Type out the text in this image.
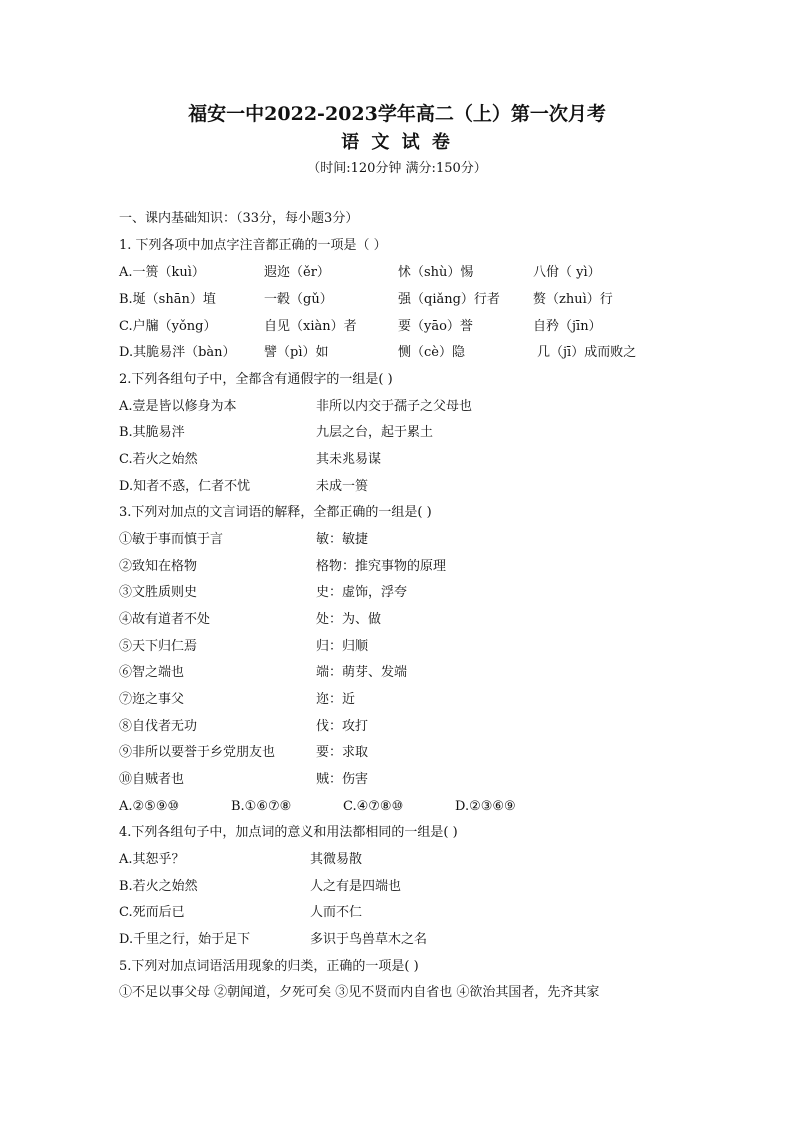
福安一中2022-2023学年高二（上）第一次月考
语 文 试 卷
（时间:120分钟 满分:150分）
一、课内基础知识：（33分，每小题3分）
1. 下列各项中加点字注音都正确的一项是（ ）
A.一篑（kuì）	遐迩（ěr）	怵（shù）惕	八佾（ yì）
B.埏（shān）埴	一毂（gǔ）	强（qiǎng）行者	赘（zhuì）行
C.户牖（yǒng）	自见（xiàn）者	要（yāo）誉	自矜（jīn）
D.其脆易泮（bàn） 譬（pì）如	恻（cè）隐	几（jī）成而败之
2.下列各组句子中，全都含有通假字的一组是( )
A.壹是皆以修身为本	非所以内交于孺子之父母也
B.其脆易泮	九层之台，起于累土
C.若火之始然	其未兆易谋
D.知者不惑，仁者不忧	未成一篑
3.下列对加点的文言词语的解释，全都正确的一组是( )
①敏于事而慎于言	敏：敏捷
②致知在格物	格物：推究事物的原理
③文胜质则史	史：虚饰，浮夸
④故有道者不处	处：为、做
⑤天下归仁焉	归：归顺
⑥智之端也	端：萌芽、发端
⑦迩之事父	迩：近
⑧自伐者无功	伐：攻打
⑨非所以要誉于乡党朋友也	要：求取
⑩自贼者也	贼：伤害
A.②⑤⑨⑩	B.①⑥⑦⑧	C.④⑦⑧⑩	D.②③⑥⑨
4.下列各组句子中，加点词的意义和用法都相同的一组是( )
A.其恕乎？	其微易散
B.若火之始然	人之有是四端也
C.死而后已	人而不仁
D.千里之行，始于足下	多识于鸟兽草木之名
5.下列对加点词语活用现象的归类，正确的一项是( )
①不足以事父母 ②朝闻道，夕死可矣 ③见不贤而内自省也 ④欲治其国者，先齐其家
